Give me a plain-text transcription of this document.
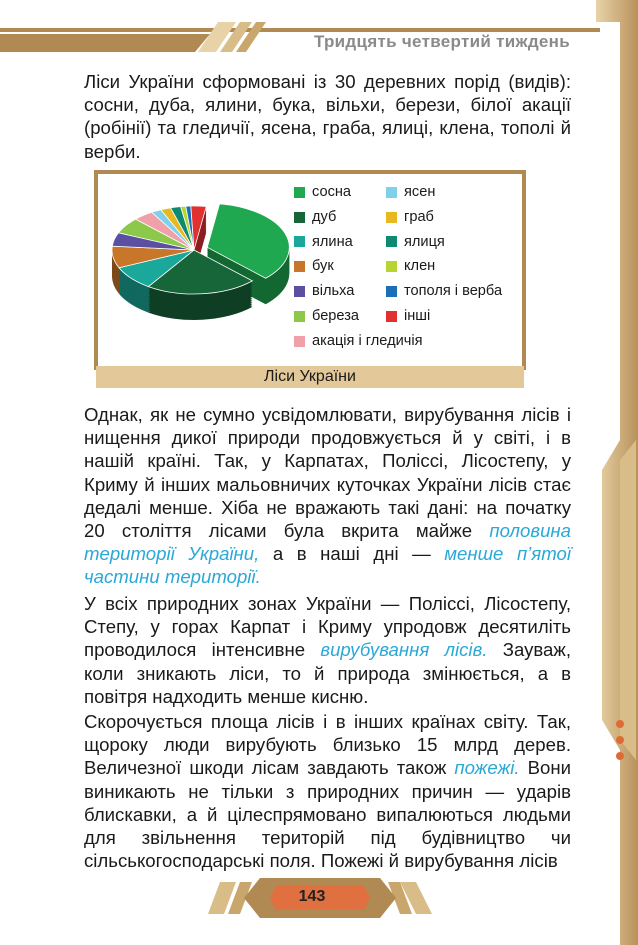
Тридцять четвертий тиждень

Ліси України сформовані із 30 деревних порід (видів): сосни, дуба, ялини, бука, вільхи, берези, білої акації (робінії) та гледичії, ясена, граба, ялиці, клена, тополі й верби.

Ліси України
сосна
дуб
ялина
бук
вільха
береза
акація і гледичія
ясен
граб
ялиця
клен
тополя і верба
інші

Однак, як не сумно усвідомлювати, вирубування лісів і нищення дикої природи продовжується й у світі, і в нашій країні. Так, у Карпатах, Поліссі, Лісостепу, у Криму й інших мальовничих куточках України лісів стає дедалі менше. Хіба не вражають такі дані: на початку 20 століття лісами була вкрита майже половина території України, а в наші дні — менше п’ятої частини території.

У всіх природних зонах України — Поліссі, Лісостепу, Степу, у горах Карпат і Криму упродовж десятиліть проводилося інтенсивне вирубування лісів. Зауваж, коли зникають ліси, то й природа змінюється, а в повітря надходить менше кисню.

Скорочується площа лісів і в інших країнах світу. Так, щороку люди вирубують близько 15 млрд дерев. Величезної шкоди лісам завдають також пожежі. Вони виникають не тільки з природних причин — ударів блискавки, а й цілеспрямовано випалюються людьми для звільнення територій під будівництво чи сільськогосподарські поля. Пожежі й вирубування лісів

143
